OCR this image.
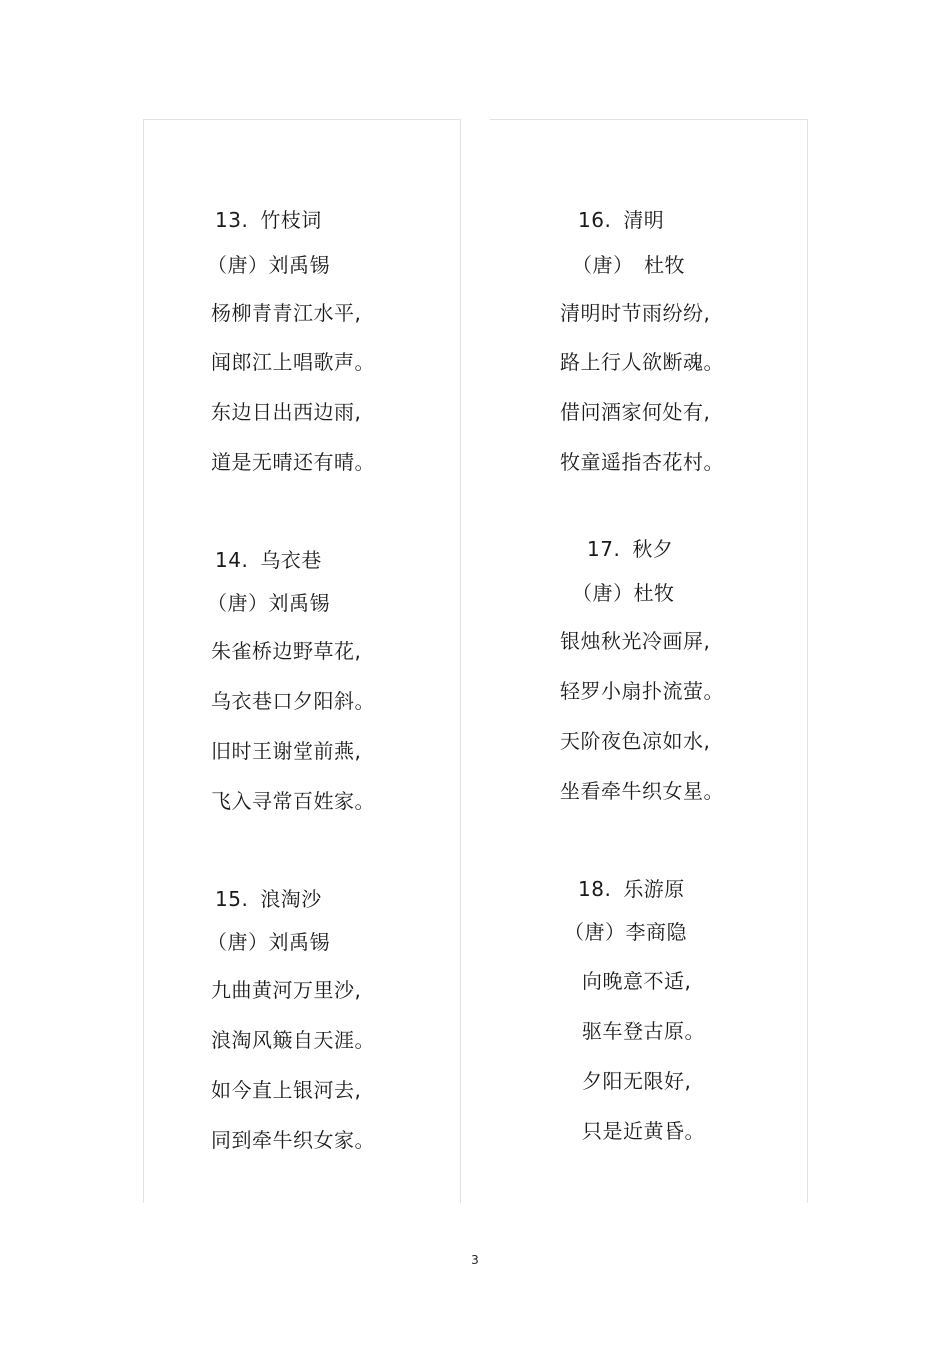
13. 竹枝词
（唐）刘禹锡
杨柳青青江水平,
闻郎江上唱歌声。
东边日出西边雨,
道是无晴还有晴。
14. 乌衣巷
（唐）刘禹锡
朱雀桥边野草花,
乌衣巷口夕阳斜。
旧时王谢堂前燕,
飞入寻常百姓家。
15. 浪淘沙
（唐）刘禹锡
九曲黄河万里沙,
浪淘风簸自天涯。
如今直上银河去,
同到牵牛织女家。
16. 清明
（唐）　杜牧
清明时节雨纷纷,
路上行人欲断魂。
借问酒家何处有,
牧童遥指杏花村。
17. 秋夕
（唐）杜牧
银烛秋光冷画屏,
轻罗小扇扑流萤。
天阶夜色凉如水,
坐看牵牛织女星。
18. 乐游原
（唐）李商隐
向晚意不适,
驱车登古原。
夕阳无限好,
只是近黄昏。
3
